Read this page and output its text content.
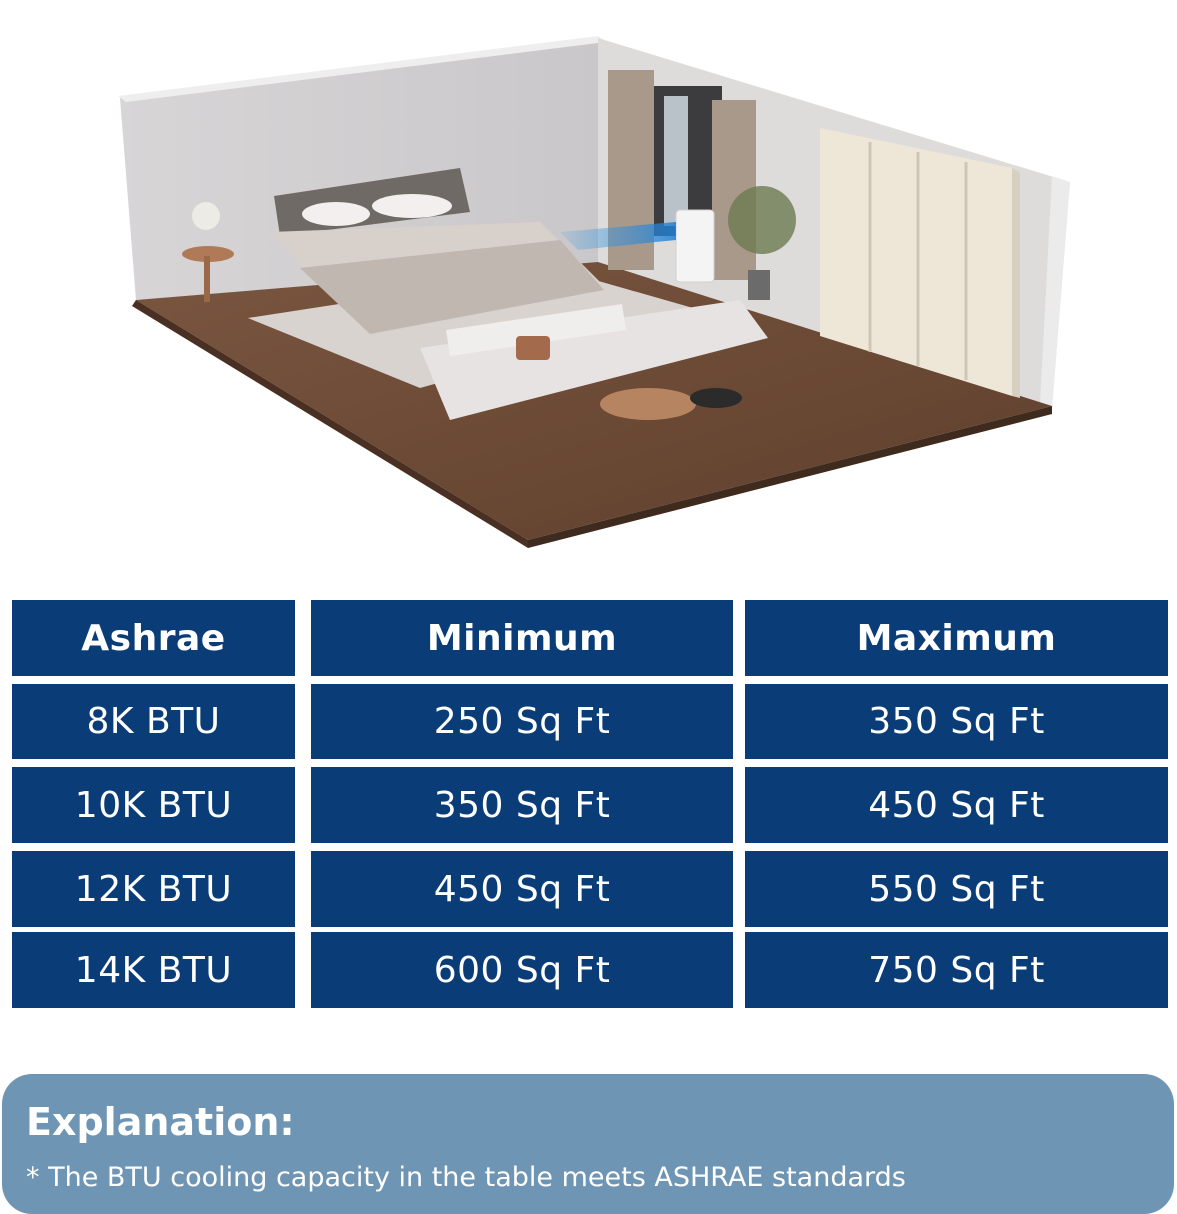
Ashrae	Minimum	Maximum
8K BTU	250 Sq Ft	350 Sq Ft
10K BTU	350 Sq Ft	450 Sq Ft
12K BTU	450 Sq Ft	550 Sq Ft
14K BTU	600 Sq Ft	750 Sq Ft
Explanation:
* The BTU cooling capacity in the table meets ASHRAE standards
